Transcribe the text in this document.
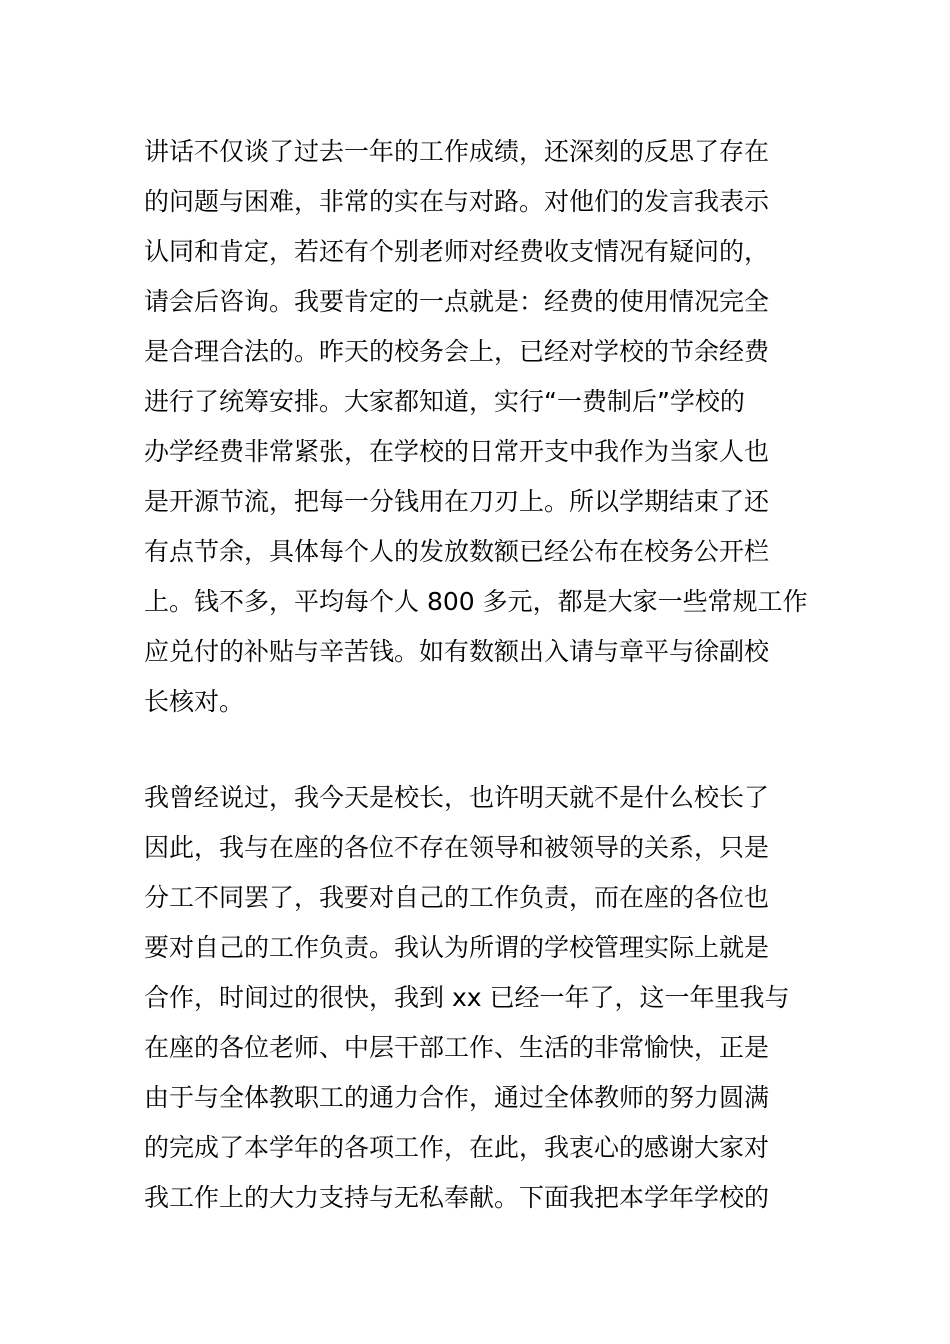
讲话不仅谈了过去一年的工作成绩，还深刻的反思了存在
的问题与困难，非常的实在与对路。对他们的发言我表示
认同和肯定，若还有个别老师对经费收支情况有疑问的，
请会后咨询。我要肯定的一点就是：经费的使用情况完全
是合理合法的。昨天的校务会上，已经对学校的节余经费
进行了统筹安排。大家都知道，实行“一费制后”学校的
办学经费非常紧张，在学校的日常开支中我作为当家人也
是开源节流，把每一分钱用在刀刃上。所以学期结束了还
有点节余，具体每个人的发放数额已经公布在校务公开栏
上。钱不多，平均每个人 800 多元，都是大家一些常规工作
应兑付的补贴与辛苦钱。如有数额出入请与章平与徐副校
长核对。
我曾经说过，我今天是校长，也许明天就不是什么校长了
因此，我与在座的各位不存在领导和被领导的关系，只是
分工不同罢了，我要对自己的工作负责，而在座的各位也
要对自己的工作负责。我认为所谓的学校管理实际上就是
合作，时间过的很快，我到 xx 已经一年了，这一年里我与
在座的各位老师、中层干部工作、生活的非常愉快，正是
由于与全体教职工的通力合作，通过全体教师的努力圆满
的完成了本学年的各项工作，在此，我衷心的感谢大家对
我工作上的大力支持与无私奉献。下面我把本学年学校的
